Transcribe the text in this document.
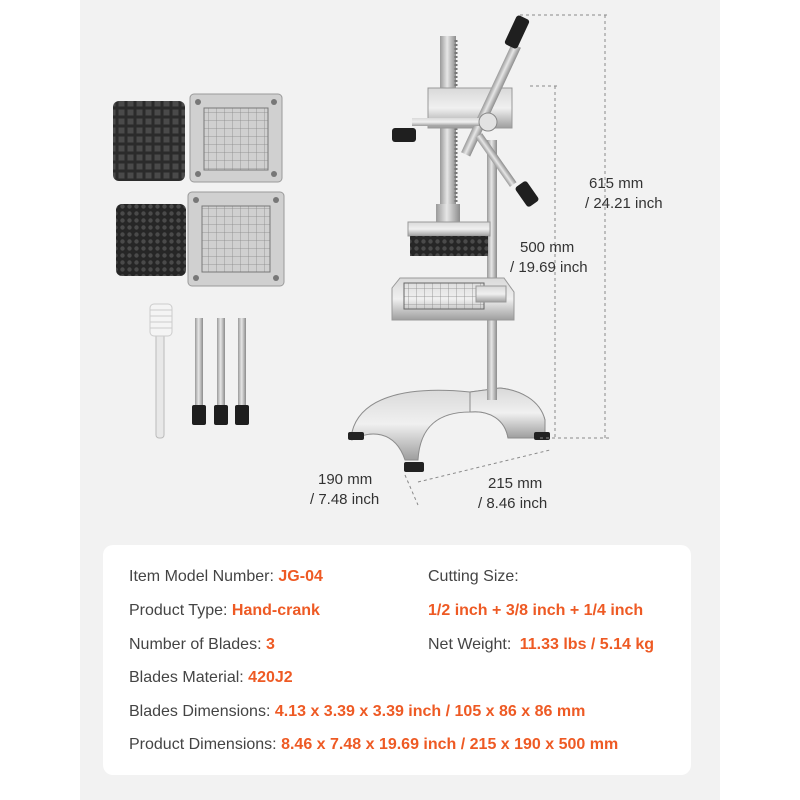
615 mm
/ 24.21 inch
500 mm
/ 19.69 inch
190 mm
/ 7.48 inch
215 mm
/ 8.46 inch
Item Model Number: JG-04
Product Type: Hand-crank
Number of Blades: 3
Blades Material: 420J2
Blades Dimensions: 4.13 x 3.39 x 3.39 inch / 105 x 86 x 86 mm
Product Dimensions: 8.46 x 7.48 x 19.69 inch / 215 x 190 x 500 mm
Cutting Size:
1/2 inch + 3/8 inch + 1/4 inch
Net Weight: 11.33 lbs / 5.14 kg
